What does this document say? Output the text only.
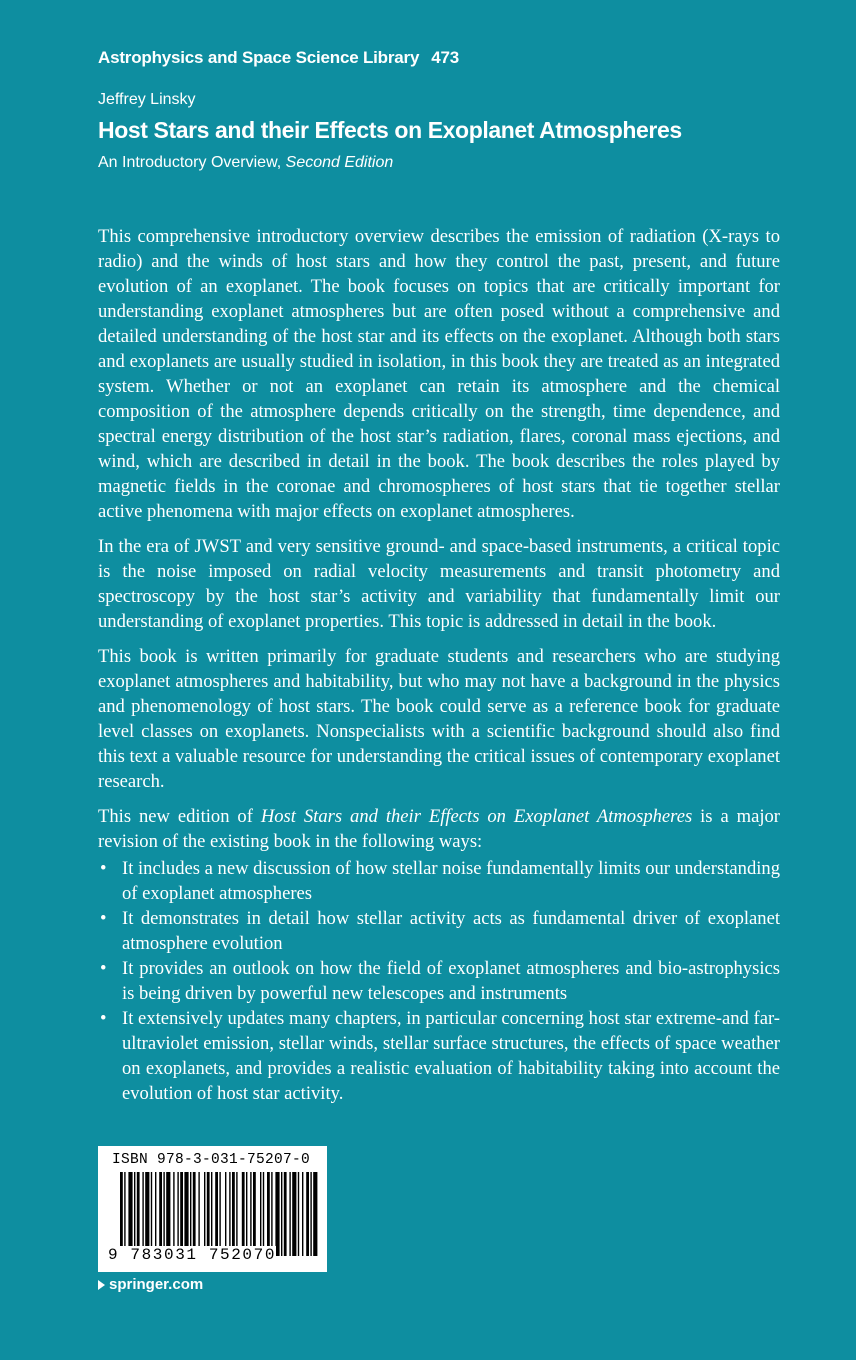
Astrophysics and Space Science Library 473
Jeffrey Linsky
Host Stars and their Effects on Exoplanet Atmospheres
An Introductory Overview, Second Edition

This comprehensive introductory overview describes the emission of radiation (X-rays to radio) and the winds of host stars and how they control the past, present, and future evolution of an exoplanet. The book focuses on topics that are critically important for understanding exoplanet atmospheres but are often posed without a comprehensive and detailed understanding of the host star and its effects on the exoplanet. Although both stars and exoplanets are usually studied in isolation, in this book they are treated as an integrated system. Whether or not an exoplanet can retain its atmosphere and the chemical composition of the atmosphere depends critically on the strength, time dependence, and spectral energy distribution of the host star’s radiation, flares, coronal mass ejections, and wind, which are described in detail in the book. The book describes the roles played by magnetic fields in the coronae and chromospheres of host stars that tie together stellar active phenomena with major effects on exoplanet atmospheres.

In the era of JWST and very sensitive ground- and space-based instruments, a critical topic is the noise imposed on radial velocity measurements and transit photometry and spectroscopy by the host star’s activity and variability that fundamentally limit our understanding of exoplanet properties. This topic is addressed in detail in the book.

This book is written primarily for graduate students and researchers who are studying exoplanet atmospheres and habitability, but who may not have a background in the physics and phenomenology of host stars. The book could serve as a reference book for graduate level classes on exoplanets. Nonspecialists with a scientific background should also find this text a valuable resource for understanding the critical issues of contemporary exoplanet research.

This new edition of Host Stars and their Effects on Exoplanet Atmospheres is a major revision of the existing book in the following ways:

• It includes a new discussion of how stellar noise fundamentally limits our understanding of exoplanet atmospheres
• It demonstrates in detail how stellar activity acts as fundamental driver of exoplanet atmosphere evolution
• It provides an outlook on how the field of exoplanet atmospheres and bio-astrophysics is being driven by powerful new telescopes and instruments
• It extensively updates many chapters, in particular concerning host star extreme-and far-ultraviolet emission, stellar winds, stellar surface structures, the effects of space weather on exoplanets, and provides a realistic evaluation of habitability taking into account the evolution of host star activity.
ISBN 978-3-031-75207-0
9 783031 752070
springer.com
